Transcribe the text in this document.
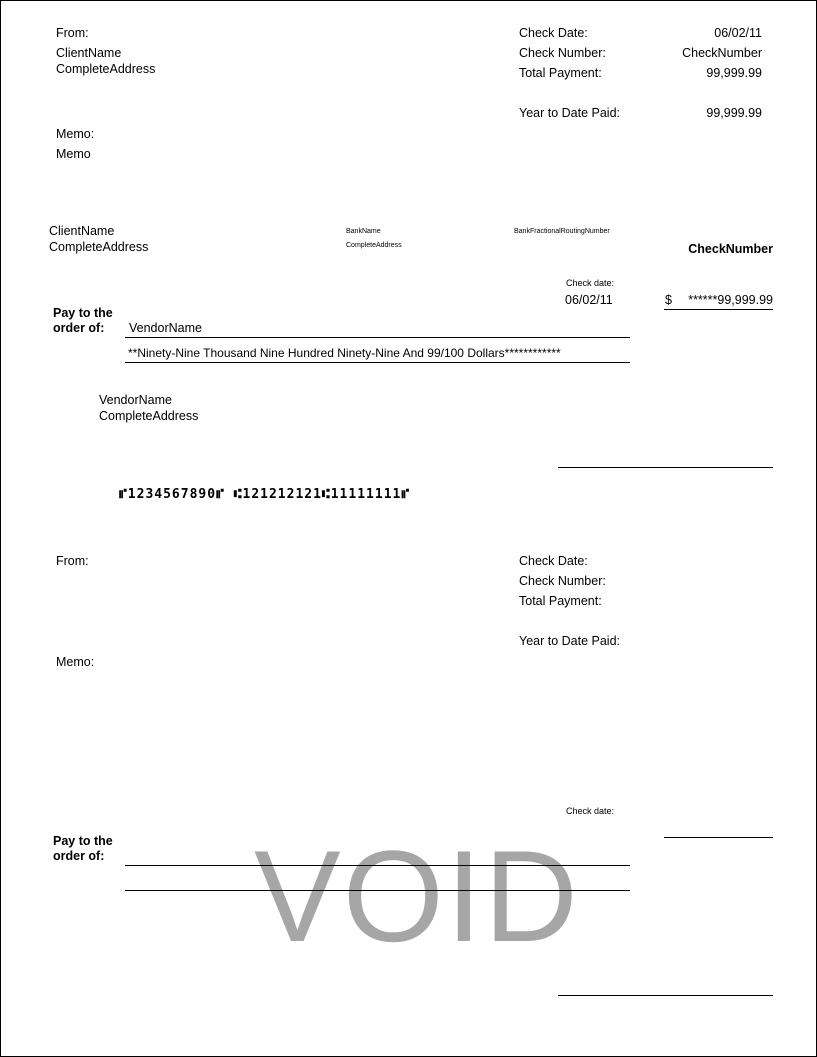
From:
ClientName
CompleteAddress
Memo:
Memo
Check Date:	06/02/11
Check Number:	CheckNumber
Total Payment:	99,999.99
Year to Date Paid:	99,999.99
ClientName
CompleteAddress
BankName
CompleteAddress
BankFractionalRoutingNumber
CheckNumber
Check date:
06/02/11	$	******99,999.99
Pay to the
order of: VendorName
**Ninety-Nine Thousand Nine Hundred Ninety-Nine And 99/100 Dollars************
VendorName
CompleteAddress
⑈1234567890⑈ ⑆121212121⑆11111111⑈
From:
Memo:
Check Date:
Check Number:
Total Payment:
Year to Date Paid:
Check date:
Pay to the
order of: VOID
